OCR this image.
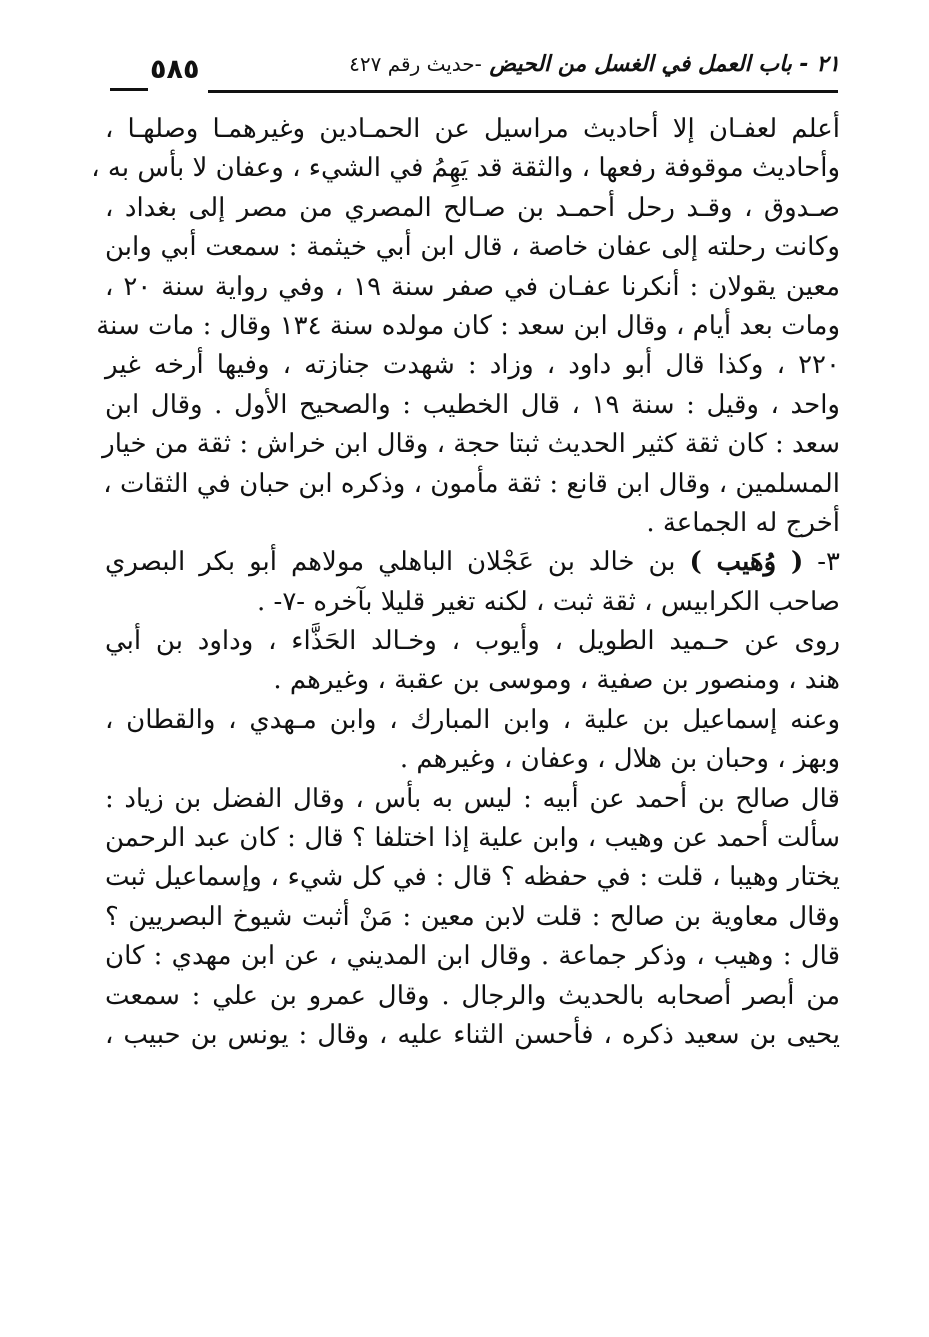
٥٨٥	٢١ - باب العمل في الغسل من الحيض -حديث رقم ٤٢٧
أعلم لعفـان إلا أحاديث مراسيل عن الحمـادين وغيرهمـا وصلهـا ،
وأحاديث موقوفة رفعها ، والثقة قد يَهِمُ في الشيء ، وعفان لا بأس به ،
صـدوق ، وقـد رحل أحمـد بن صـالح المصري من مصر إلى بغداد ،
وكانت رحلته إلى عفان خاصة ، قال ابن أبي خيثمة : سمعت أبي وابن
معين يقولان : أنكرنا عفـان في صفر سنة ١٩ ، وفي رواية سنة ٢٠ ،
ومات بعد أيام ، وقال ابن سعد : كان مولده سنة ١٣٤ وقال : مات سنة
٢٢٠ ، وكذا قال أبو داود ، وزاد : شهدت جنازته ، وفيها أرخه غير
واحد ، وقيل : سنة ١٩ ، قال الخطيب : والصحيح الأول . وقال ابن
سعد : كان ثقة كثير الحديث ثبتا حجة ، وقال ابن خراش : ثقة من خيار
المسلمين ، وقال ابن قانع : ثقة مأمون ، وذكره ابن حبان في الثقات ،
أخرج له الجماعة .
٣- ( وُهَيب ) بن خالد بن عَجْلان الباهلي مولاهم أبو بكر البصري
صاحب الكرابيس ، ثقة ثبت ، لكنه تغير قليلا بآخره -٧- .
روى عن حـميد الطويل ، وأيوب ، وخـالد الحَذَّاء ، وداود بن أبي
هند ، ومنصور بن صفية ، وموسى بن عقبة ، وغيرهم .
وعنه إسماعيل بن علية ، وابن المبارك ، وابن مـهدي ، والقطان ،
وبهز ، وحبان بن هلال ، وعفان ، وغيرهم .
قال صالح بن أحمد عن أبيه : ليس به بأس ، وقال الفضل بن زياد :
سألت أحمد عن وهيب ، وابن علية إذا اختلفا ؟ قال : كان عبد الرحمن
يختار وهيبا ، قلت : في حفظه ؟ قال : في كل شيء ، وإسماعيل ثبت
وقال معاوية بن صالح : قلت لابن معين : مَنْ أثبت شيوخ البصريين ؟
قال : وهيب ، وذكر جماعة . وقال ابن المديني ، عن ابن مهدي : كان
من أبصر أصحابه بالحديث والرجال . وقال عمرو بن علي : سمعت
يحيى بن سعيد ذكره ، فأحسن الثناء عليه ، وقال : يونس بن حبيب ،
